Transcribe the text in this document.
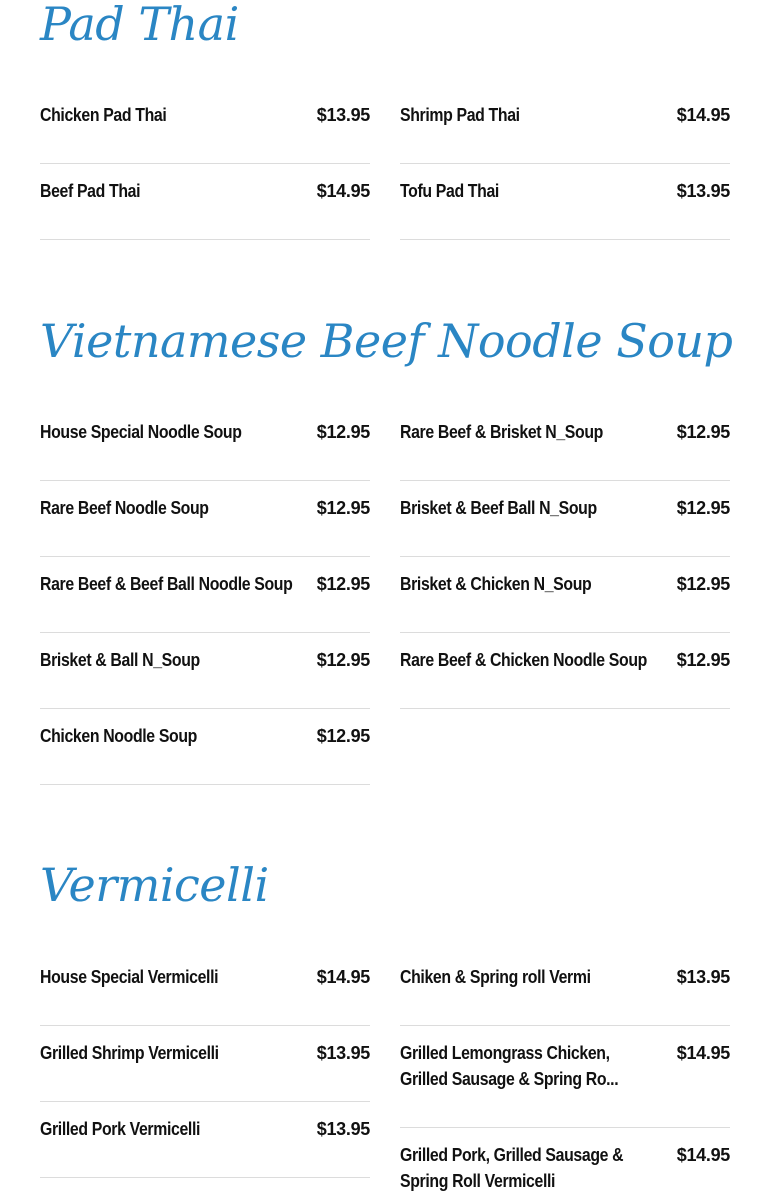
Pad Thai
Chicken Pad Thai	$13.95
Beef Pad Thai	$14.95
Shrimp Pad Thai	$14.95
Tofu Pad Thai	$13.95
Vietnamese Beef Noodle Soup
House Special Noodle Soup	$12.95
Rare Beef Noodle Soup	$12.95
Rare Beef & Beef Ball Noodle Soup $12.95
Brisket & Ball N_Soup	$12.95
Chicken Noodle Soup	$12.95
Rare Beef & Brisket N_Soup	$12.95
Brisket & Beef Ball N_Soup	$12.95
Brisket & Chicken N_Soup	$12.95
Rare Beef & Chicken Noodle Soup	$12.95
Vermicelli
House Special Vermicelli	$14.95
Grilled Shrimp Vermicelli	$13.95
Grilled Pork Vermicelli	$13.95
Chiken & Spring roll Vermi	$13.95
Grilled Lemongrass Chicken, Grilled Sausage & Spring Ro...
$14.95
Grilled Pork, Grilled Sausage & Spring Roll Vermicelli
$14.95
